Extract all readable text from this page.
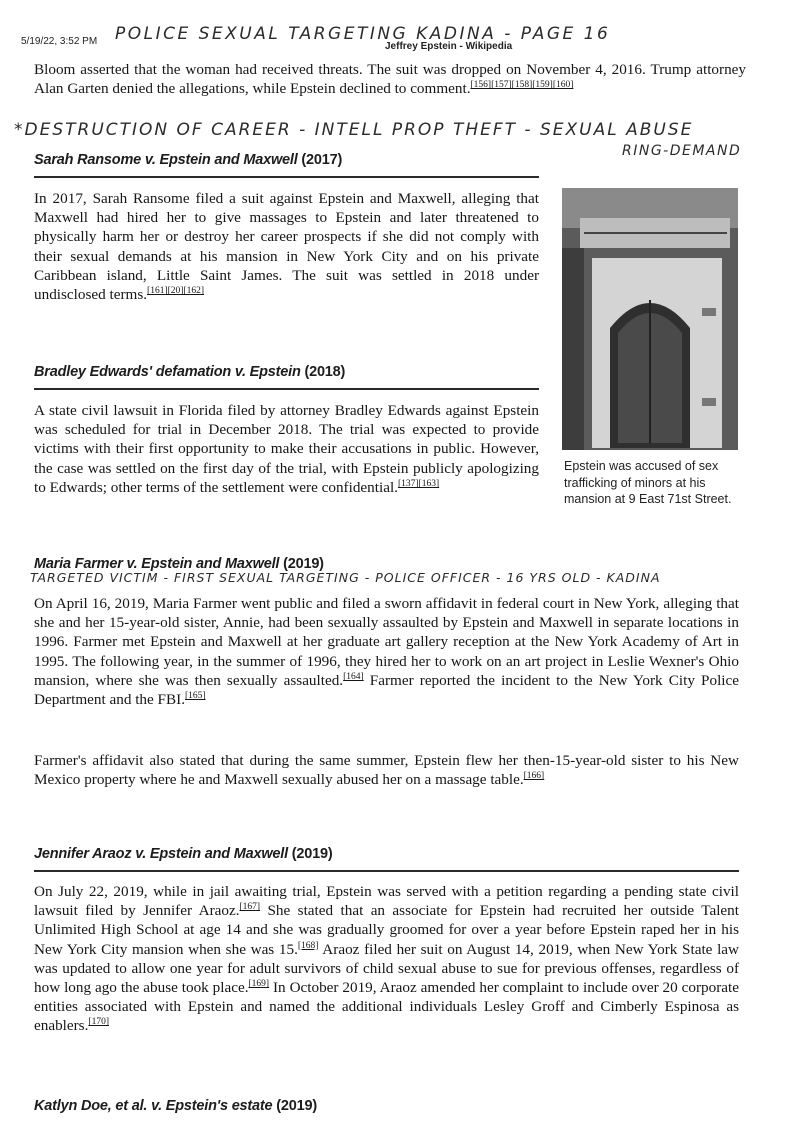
5/19/22, 3:52 PM POLICE SEXUAL TARGETING KADINA - PAGE 16
Jeffrey Epstein - Wikipedia

Bloom asserted that the woman had received threats. The suit was dropped on November 4, 2016. Trump attorney Alan Garten denied the allegations, while Epstein declined to comment.[156][157][158][159][160]

*DESTRUCTION OF CAREER - INTELL PROP THEFT - SEXUAL ABUSE
RING-DEMAND
Sarah Ransome v. Epstein and Maxwell (2017)

In 2017, Sarah Ransome filed a suit against Epstein and Maxwell, alleging that Maxwell had hired her to give massages to Epstein and later threatened to physically harm her or destroy her career prospects if she did not comply with their sexual demands at his mansion in New York City and on his private Caribbean island, Little Saint James. The suit was settled in 2018 under undisclosed terms.[161][20][162]

Bradley Edwards' defamation v. Epstein (2018)

A state civil lawsuit in Florida filed by attorney Bradley Edwards against Epstein was scheduled for trial in December 2018. The trial was expected to provide victims with their first opportunity to make their accusations in public. However, the case was settled on the first day of the trial, with Epstein publicly apologizing to Edwards; other terms of the settlement were confidential.[137][163]

Epstein was accused of sex trafficking of minors at his mansion at 9 East 71st Street.
Maria Farmer v. Epstein and Maxwell (2019)
TARGETED VICTIM - FIRST SEXUAL TARGETING - POLICE OFFICER - 16 YRS OLD - KADINA

On April 16, 2019, Maria Farmer went public and filed a sworn affidavit in federal court in New York, alleging that she and her 15-year-old sister, Annie, had been sexually assaulted by Epstein and Maxwell in separate locations in 1996. Farmer met Epstein and Maxwell at her graduate art gallery reception at the New York Academy of Art in 1995. The following year, in the summer of 1996, they hired her to work on an art project in Leslie Wexner's Ohio mansion, where she was then sexually assaulted.[164] Farmer reported the incident to the New York City Police Department and the FBI.[165]

Farmer's affidavit also stated that during the same summer, Epstein flew her then-15-year-old sister to his New Mexico property where he and Maxwell sexually abused her on a massage table.[166]

Jennifer Araoz v. Epstein and Maxwell (2019)

On July 22, 2019, while in jail awaiting trial, Epstein was served with a petition regarding a pending state civil lawsuit filed by Jennifer Araoz.[167] She stated that an associate for Epstein had recruited her outside Talent Unlimited High School at age 14 and she was gradually groomed for over a year before Epstein raped her in his New York City mansion when she was 15.[168] Araoz filed her suit on August 14, 2019, when New York State law was updated to allow one year for adult survivors of child sexual abuse to sue for previous offenses, regardless of how long ago the abuse took place.[169] In October 2019, Araoz amended her complaint to include over 20 corporate entities associated with Epstein and named the additional individuals Lesley Groff and Cimberly Espinosa as enablers.[170]

Katlyn Doe, et al. v. Epstein's estate (2019)
